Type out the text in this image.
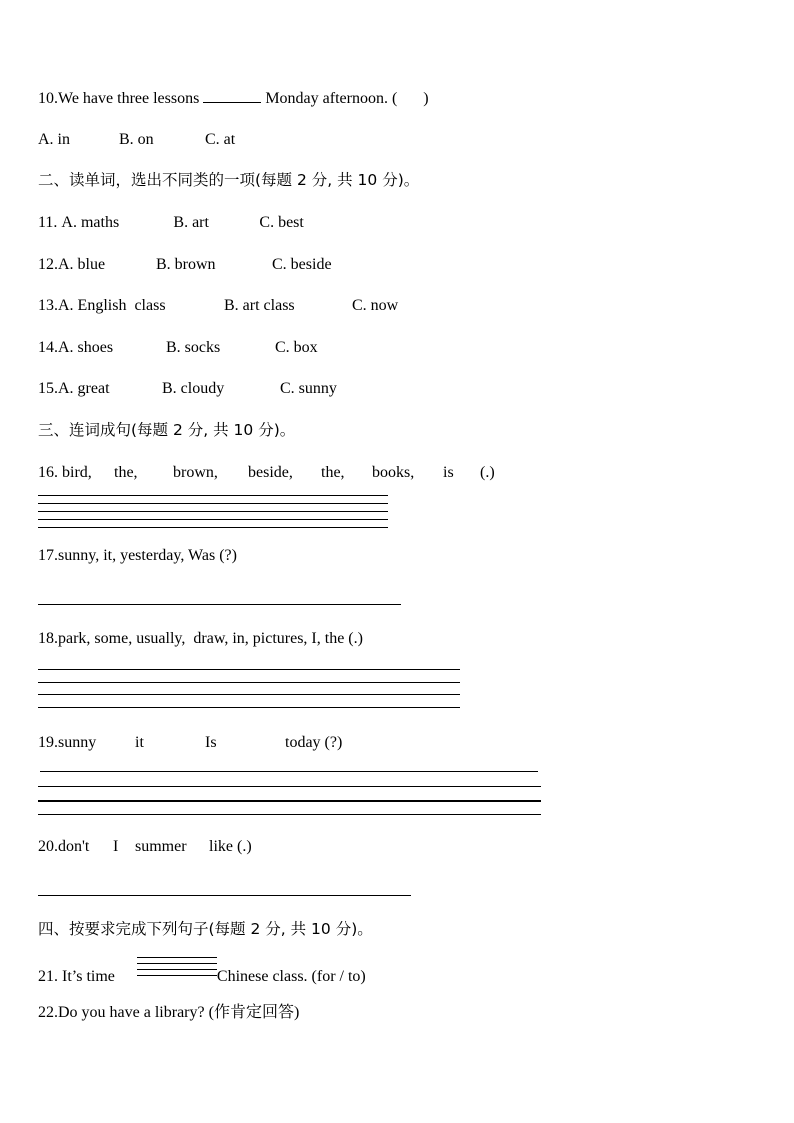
10.We have three lessons	Monday afternoon. ( )
A. in	B. on	C. at
二、读单词，选出不同类的一项(每题 2 分, 共 10 分)。
11. A. maths	B. art	C. best
12.A. blue	B. brown	C. beside
13.A. English  class	B. art class	C. now
14.A. shoes	B. socks	C. box
15.A. great	B. cloudy	C. sunny
三、连词成句(每题 2 分, 共 10 分)。
16. bird, the, brown, beside, the, books, is (.)
17.sunny, it, yesterday, Was (?)
18.park, some, usually,  draw, in, pictures, I, the (.)
19.sunny it	Is	today (?)
20.don't I summer like (.)
四、按要求完成下列句子(每题 2 分, 共 10 分)。
21. It’s time	Chinese class. (for / to)
22.Do you have a library? (作肯定回答)
